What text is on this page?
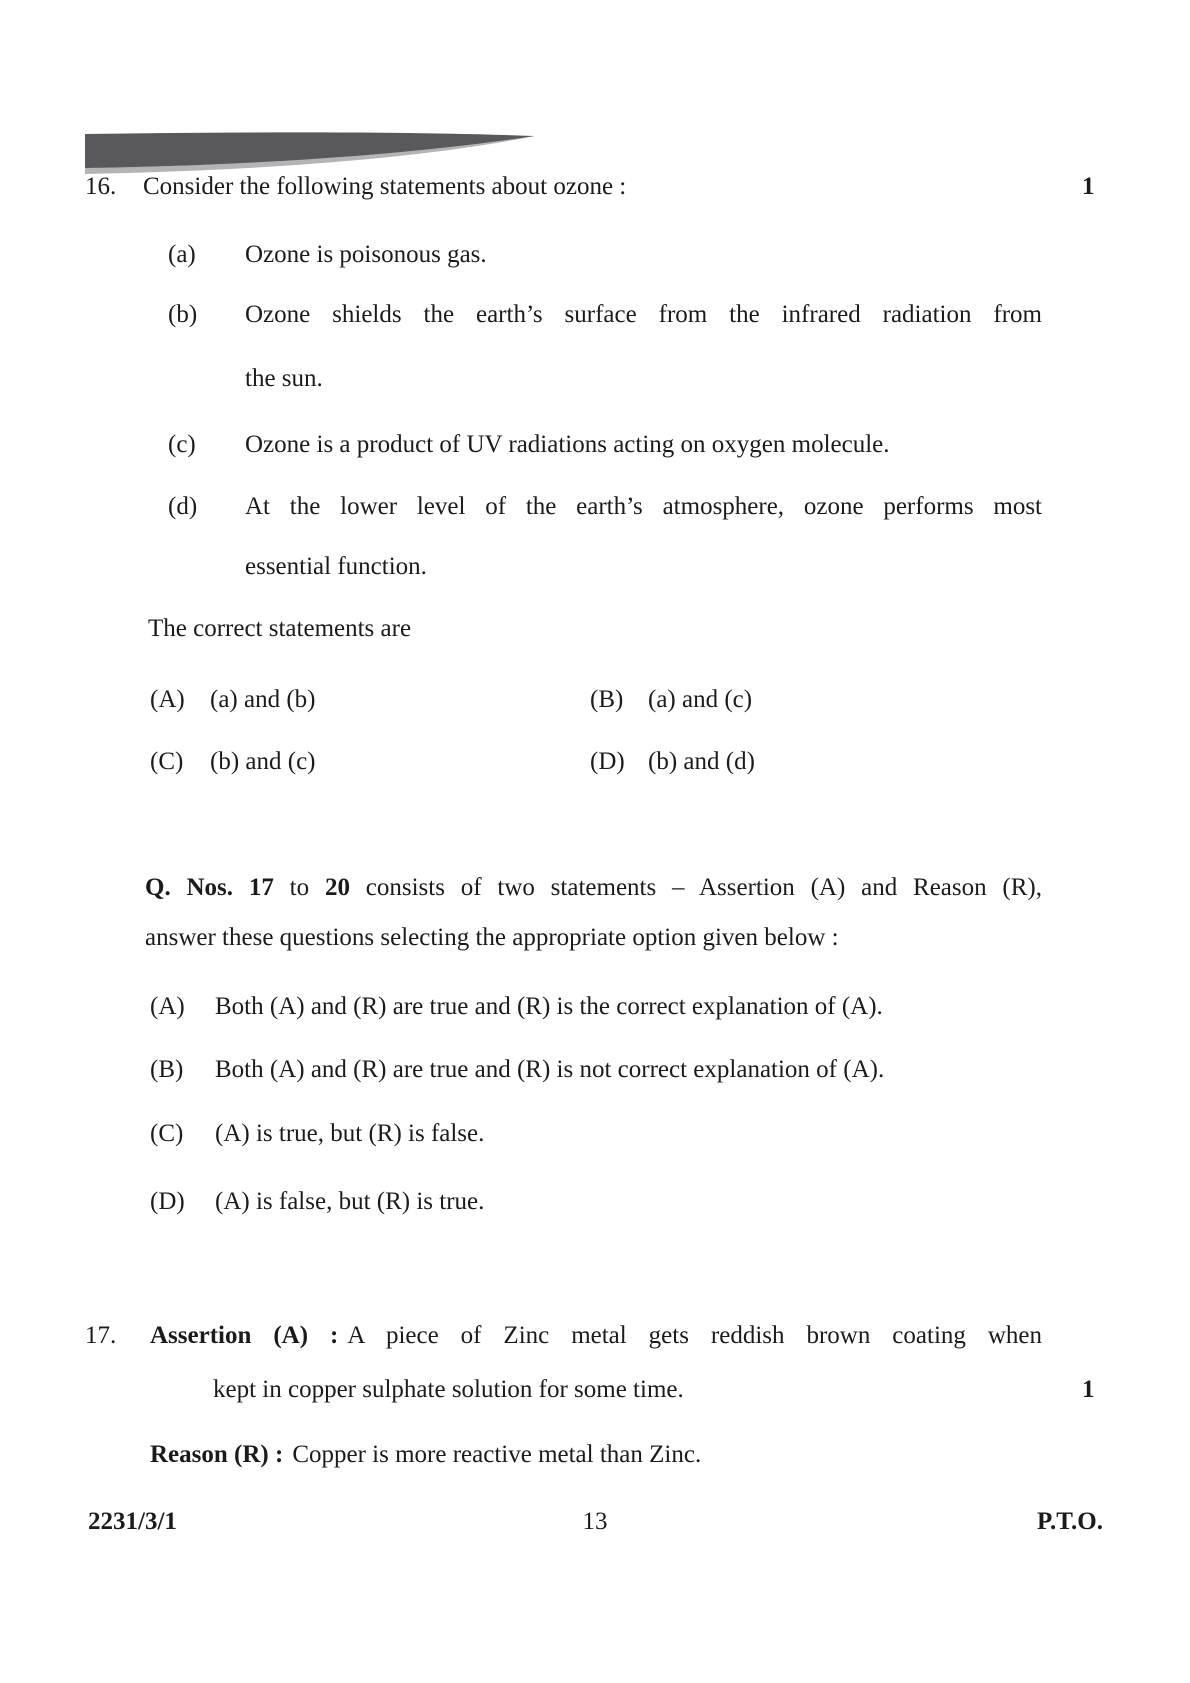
16. Consider the following statements about ozone :	1
(a) Ozone is poisonous gas.
(b) Ozone shields the earth’s surface from the infrared radiation from
the sun.
(c) Ozone is a product of UV radiations acting on oxygen molecule.
(d) At the lower level of the earth’s atmosphere, ozone performs most
essential function.
The correct statements are
(A) (a) and (b)	(B) (a) and (c)
(C) (b) and (c)	(D) (b) and (d)
Q. Nos. 17 to 20 consists of two statements – Assertion (A) and Reason (R),
answer these questions selecting the appropriate option given below :
(A) Both (A) and (R) are true and (R) is the correct explanation of (A).
(B) Both (A) and (R) are true and (R) is not correct explanation of (A).
(C) (A) is true, but (R) is false.
(D) (A) is false, but (R) is true.
17. Assertion (A) : A piece of Zinc metal gets reddish brown coating when
kept in copper sulphate solution for some time.	1
Reason (R) : Copper is more reactive metal than Zinc.
2231/3/1	13	P.T.O.
